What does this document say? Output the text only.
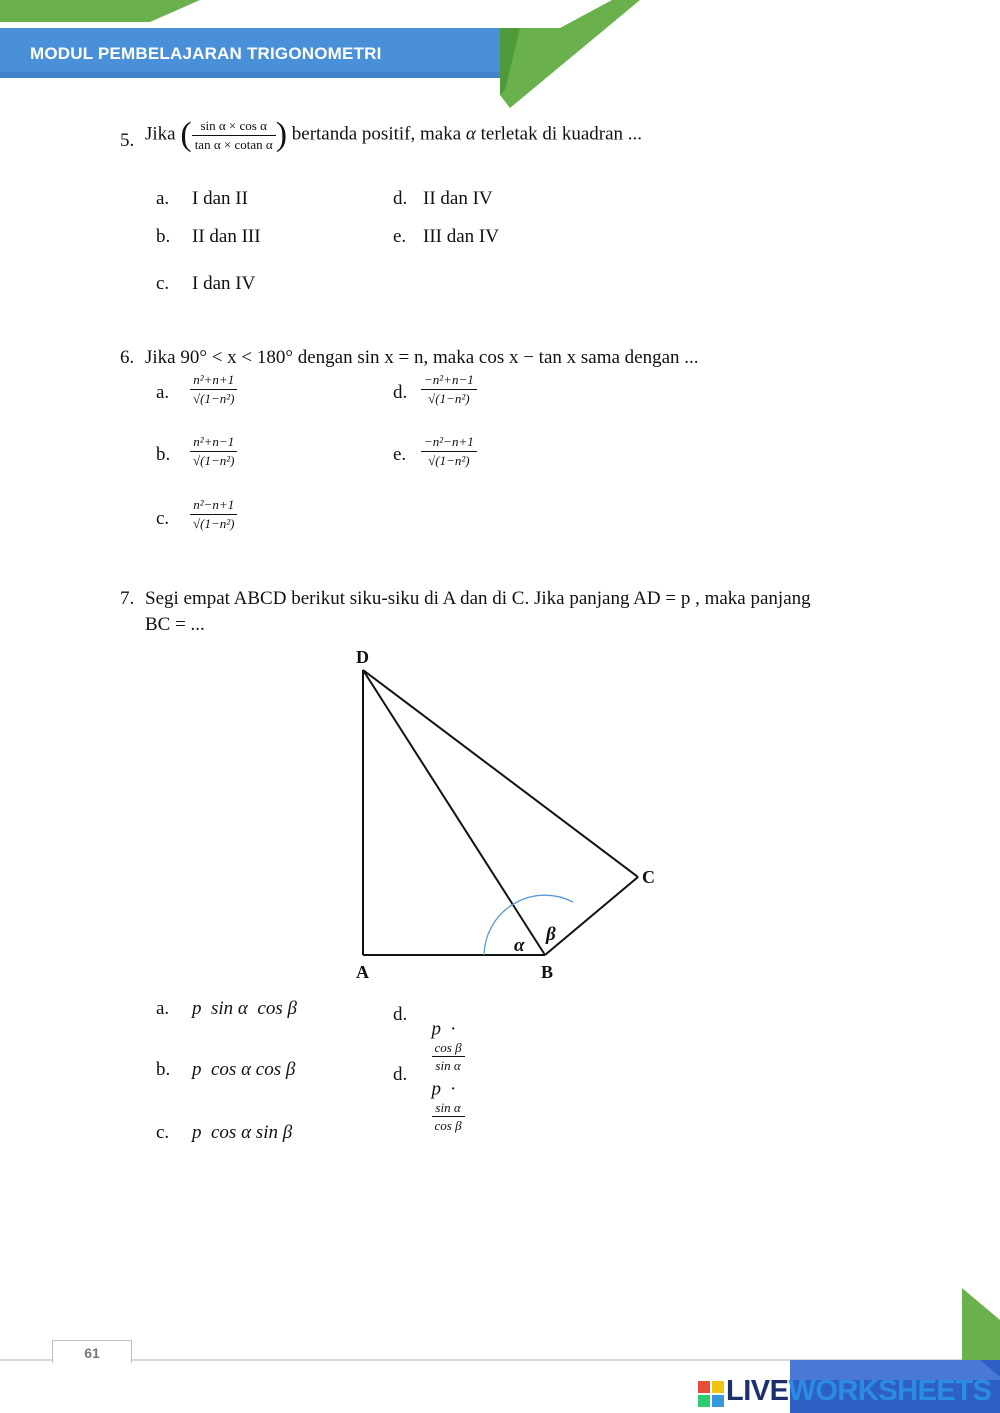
MODUL PEMBELAJARAN TRIGONOMETRI
5. Jika ( $\frac{\text{sin α × cos α}}{\text{tan α × cotan α}}$ ) bertanda positif, maka α terletak di kuadran ...
a. I dan II
b. II dan III
c. I dan IV
d. II dan IV
e. III dan IV
6. Jika 90° < x < 180° dengan sin x = n, maka cos x − tan x sama dengan ...
a. $\frac{\text{n²+n+1}}{\text{√(1−n²)}}$
b. $\frac{\text{n²+n−1}}{\text{√(1−n²)}}$
c. $\frac{\text{n²−n+1}}{\text{√(1−n²)}}$
d. $\frac{\text{−n²+n−1}}{\text{√(1−n²)}}$
e. $\frac{\text{−n²−n+1}}{\text{√(1−n²)}}$
7. Segi empat ABCD berikut siku-siku di A dan di C. Jika panjang AD = p , maka panjang
BC = ...
D
C
A	B
α
β
a. p  sin α  cos β
b. p  cos α cos β
c. p  cos α sin β
d.

p  ·

$\frac{\text{cos β}}{\text{sin α}}$

d.

p  ·

$\frac{\text{sin α}}{\text{cos β}}$

61
LIVEWORKSHEETS
